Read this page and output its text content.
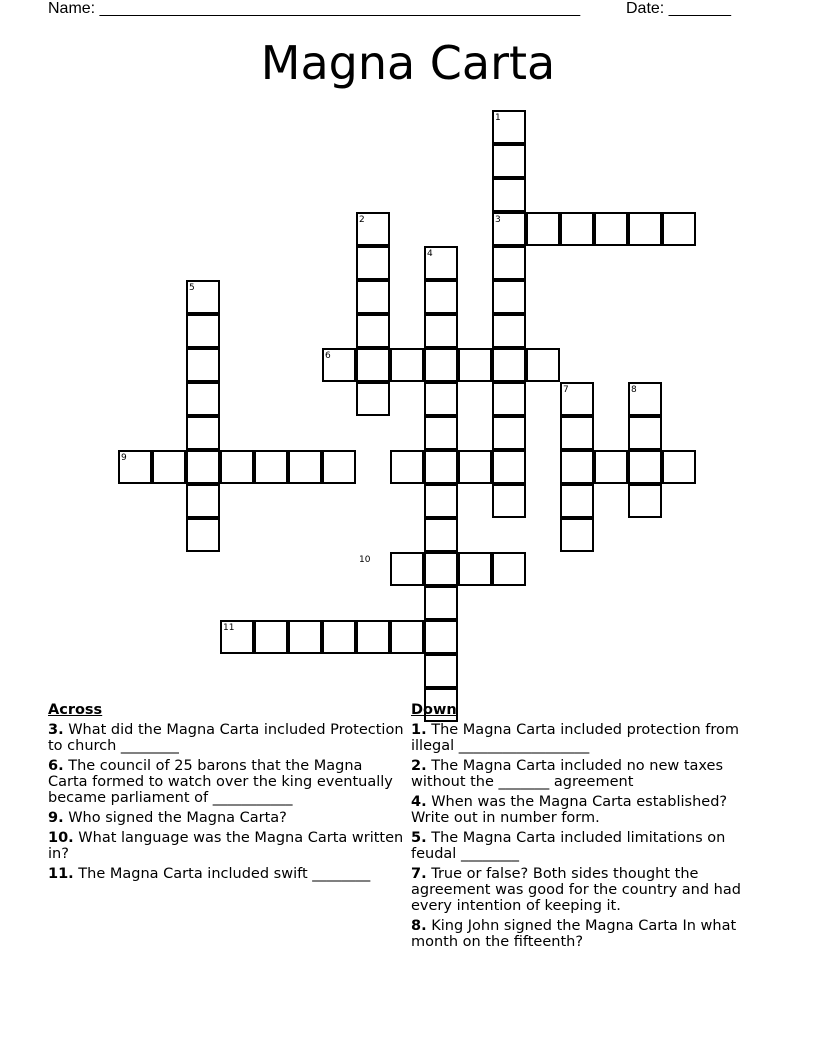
Name: ______________________________________________________	Date: _______
Magna Carta
1
2	3
4
5
6
7	8
9
10
11
Across
3. What did the Magna Carta included Protection to church ________
6. The council of 25 barons that the Magna Carta formed to watch over the king eventually became parliament of ___________
9. Who signed the Magna Carta?
10. What language was the Magna Carta written in?
11. The Magna Carta included swift ________
Down
1. The Magna Carta included protection from illegal __________________
2. The Magna Carta included no new taxes without the _______ agreement
4. When was the Magna Carta established? Write out in number form.
5. The Magna Carta included limitations on feudal ________
7. True or false? Both sides thought the agreement was good for the country and had every intention of keeping it.
8. King John signed the Magna Carta In what month on the fifteenth?
